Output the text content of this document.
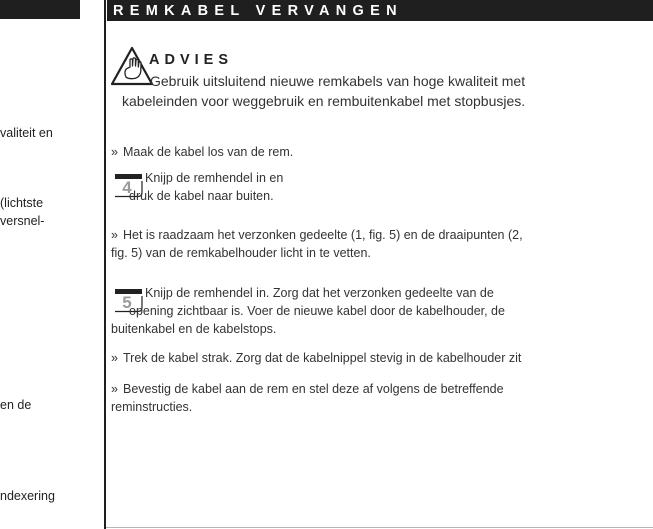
valiteit en
(lichtste
versnel-
en de
ndexering
REMKABEL VERVANGEN
ADVIES
Gebruik uitsluitend nieuwe remkabels van hoge kwaliteit met
kabeleinden voor weggebruik en rembuitenkabel met stopbusjes.
» Maak de kabel los van de rem.
4	Knijp de remhendel in en
druk de kabel naar buiten.
» Het is raadzaam het verzonken gedeelte (1, fig. 5) en de draaipunten (2,
fig. 5) van de remkabelhouder licht in te vetten.
5	Knijp de remhendel in. Zorg dat het verzonken gedeelte van de
opening zichtbaar is. Voer de nieuwe kabel door de kabelhouder, de
buitenkabel en de kabelstops.
» Trek de kabel strak. Zorg dat de kabelnippel stevig in de kabelhouder zit
» Bevestig de kabel aan de rem en stel deze af volgens de betreffende
reminstructies.
